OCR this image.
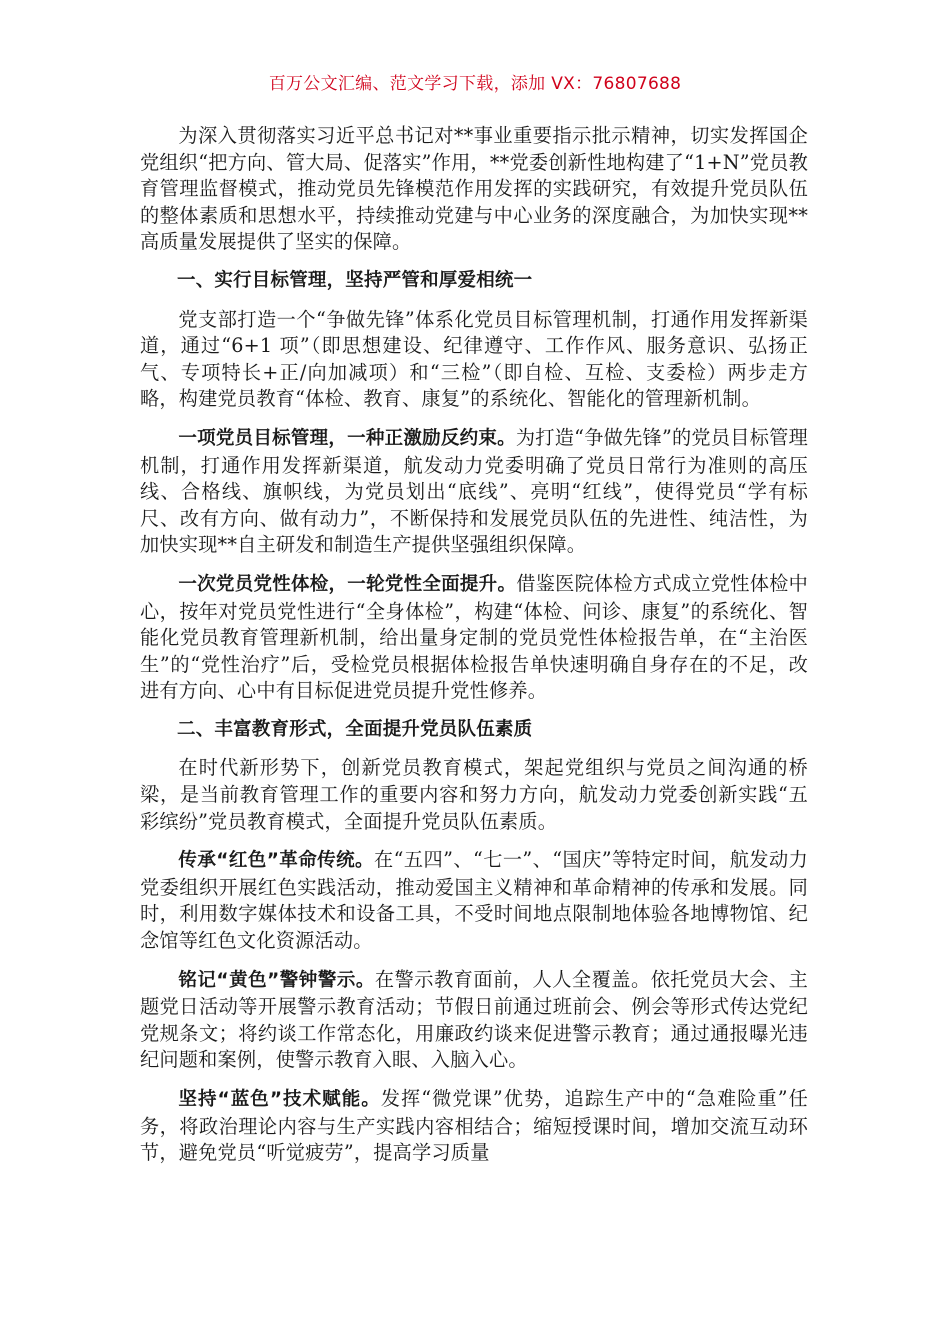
百万公文汇编、范文学习下载，添加 VX：76807688

为深入贯彻落实习近平总书记对**事业重要指示批示精神，切实发挥国企党组织“把方向、管大局、促落实”作用，**党委创新性地构建了“1+N”党员教育管理监督模式，推动党员先锋模范作用发挥的实践研究，有效提升党员队伍的整体素质和思想水平，持续推动党建与中心业务的深度融合，为加快实现**高质量发展提供了坚实的保障。

一、实行目标管理，坚持严管和厚爱相统一

党支部打造一个“争做先锋”体系化党员目标管理机制，打通作用发挥新渠道，通过“6+1 项”（即思想建设、纪律遵守、工作作风、服务意识、弘扬正气、专项特长+正/向加减项）和“三检”（即自检、互检、支委检）两步走方略，构建党员教育“体检、教育、康复”的系统化、智能化的管理新机制。

一项党员目标管理，一种正激励反约束。为打造“争做先锋”的党员目标管理机制，打通作用发挥新渠道，航发动力党委明确了党员日常行为准则的高压线、合格线、旗帜线，为党员划出“底线”、亮明“红线”，使得党员“学有标尺、改有方向、做有动力”，不断保持和发展党员队伍的先进性、纯洁性，为加快实现**自主研发和制造生产提供坚强组织保障。

一次党员党性体检，一轮党性全面提升。借鉴医院体检方式成立党性体检中心，按年对党员党性进行“全身体检”，构建“体检、问诊、康复”的系统化、智能化党员教育管理新机制，给出量身定制的党员党性体检报告单，在“主治医生”的“党性治疗”后，受检党员根据体检报告单快速明确自身存在的不足，改进有方向、心中有目标促进党员提升党性修养。

二、丰富教育形式，全面提升党员队伍素质

在时代新形势下，创新党员教育模式，架起党组织与党员之间沟通的桥梁，是当前教育管理工作的重要内容和努力方向，航发动力党委创新实践“五彩缤纷”党员教育模式，全面提升党员队伍素质。

传承“红色”革命传统。在“五四”、“七一”、“国庆”等特定时间，航发动力党委组织开展红色实践活动，推动爱国主义精神和革命精神的传承和发展。同时，利用数字媒体技术和设备工具，不受时间地点限制地体验各地博物馆、纪念馆等红色文化资源活动。

铭记“黄色”警钟警示。在警示教育面前，人人全覆盖。依托党员大会、主题党日活动等开展警示教育活动；节假日前通过班前会、例会等形式传达党纪党规条文；将约谈工作常态化，用廉政约谈来促进警示教育；通过通报曝光违纪问题和案例，使警示教育入眼、入脑入心。

坚持“蓝色”技术赋能。发挥“微党课”优势，追踪生产中的“急难险重”任务，将政治理论内容与生产实践内容相结合；缩短授课时间，增加交流互动环节，避免党员“听觉疲劳”，提高学习质量
